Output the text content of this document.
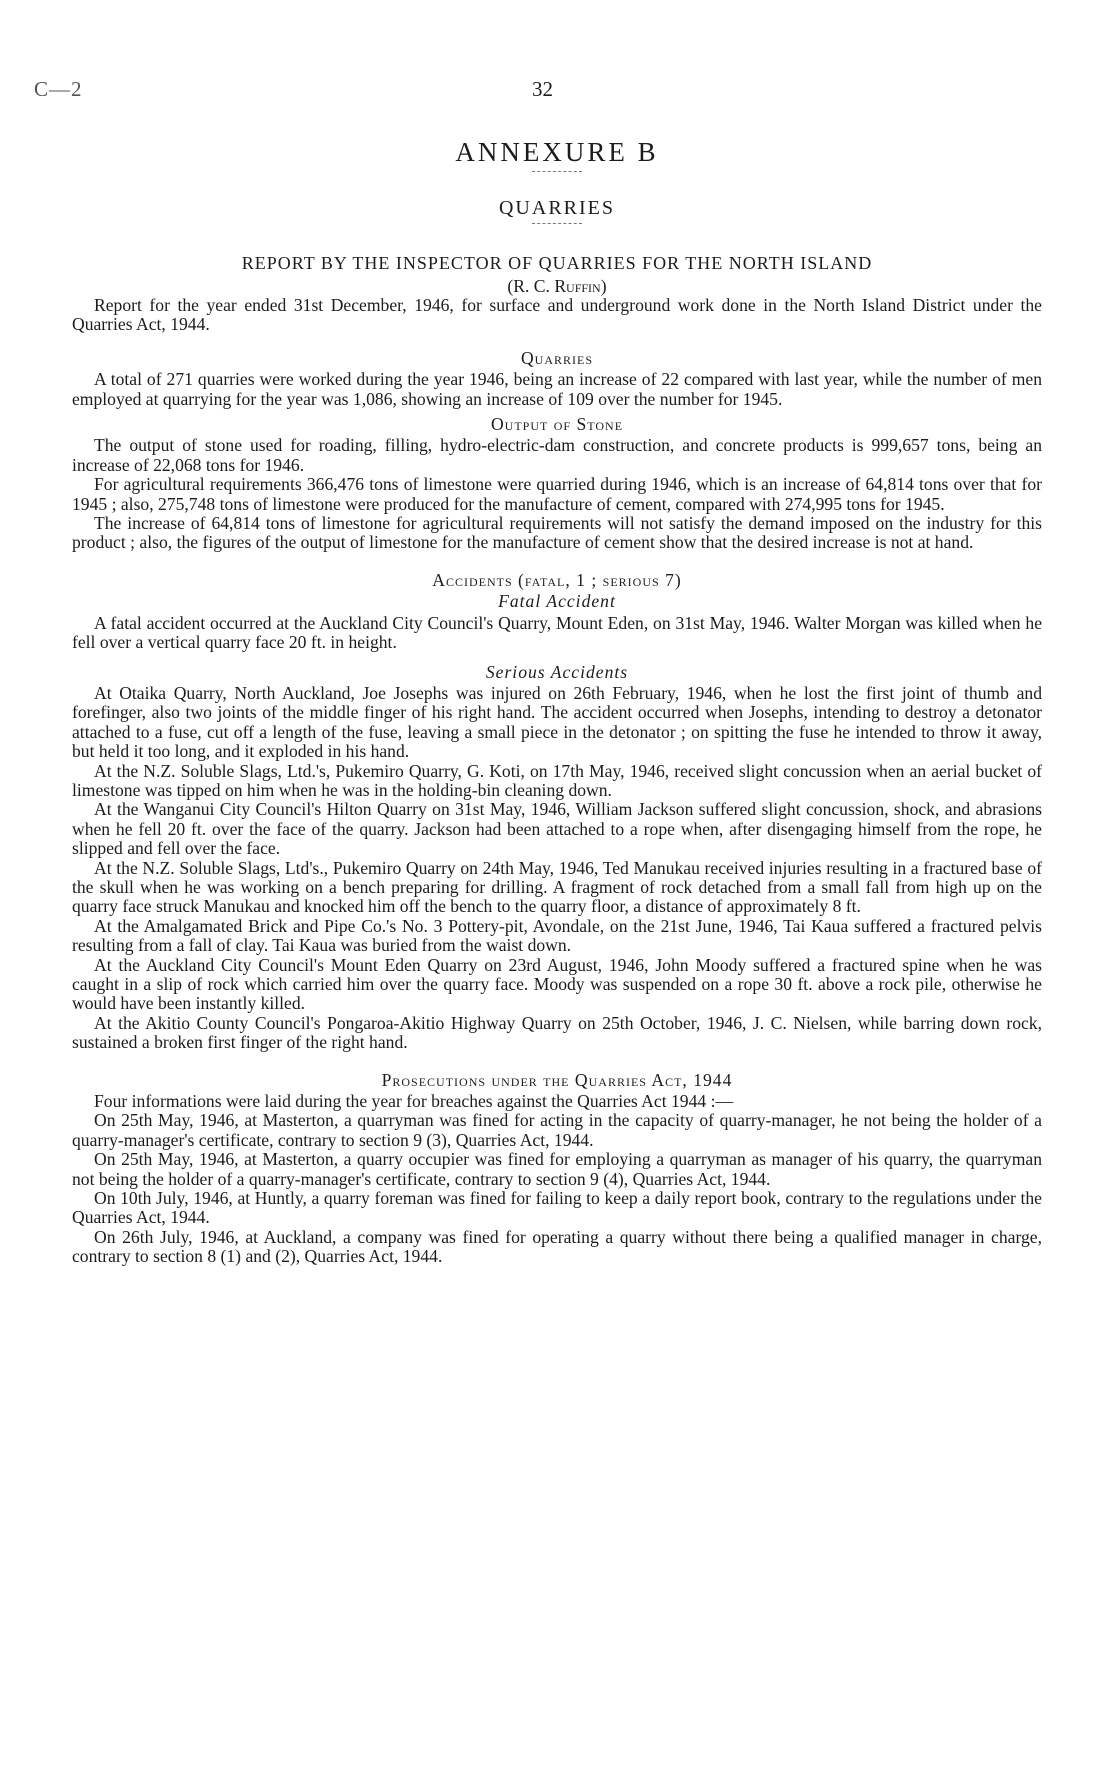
C—2	32
ANNEXURE B
QUARRIES
REPORT BY THE INSPECTOR OF QUARRIES FOR THE NORTH ISLAND
(R. C. Ruffin)

Report for the year ended 31st December, 1946, for surface and underground work done in the North Island District under the Quarries Act, 1944.

Quarries

A total of 271 quarries were worked during the year 1946, being an increase of 22 compared with last year, while the number of men employed at quarrying for the year was 1,086, showing an increase of 109 over the number for 1945.

Output of Stone

The output of stone used for roading, filling, hydro-electric-dam construction, and concrete products is 999,657 tons, being an increase of 22,068 tons for 1946.

For agricultural requirements 366,476 tons of limestone were quarried during 1946, which is an increase of 64,814 tons over that for 1945 ; also, 275,748 tons of limestone were produced for the manufacture of cement, compared with 274,995 tons for 1945.

The increase of 64,814 tons of limestone for agricultural requirements will not satisfy the demand imposed on the industry for this product ; also, the figures of the output of limestone for the manufacture of cement show that the desired increase is not at hand.

Accidents (fatal, 1 ; serious 7)
Fatal Accident

A fatal accident occurred at the Auckland City Council's Quarry, Mount Eden, on 31st May, 1946. Walter Morgan was killed when he fell over a vertical quarry face 20 ft. in height.

Serious Accidents

At Otaika Quarry, North Auckland, Joe Josephs was injured on 26th February, 1946, when he lost the first joint of thumb and forefinger, also two joints of the middle finger of his right hand. The accident occurred when Josephs, intending to destroy a detonator attached to a fuse, cut off a length of the fuse, leaving a small piece in the detonator ; on spitting the fuse he intended to throw it away, but held it too long, and it exploded in his hand.

At the N.Z. Soluble Slags, Ltd.'s, Pukemiro Quarry, G. Koti, on 17th May, 1946, received slight concussion when an aerial bucket of limestone was tipped on him when he was in the holding-bin cleaning down.

At the Wanganui City Council's Hilton Quarry on 31st May, 1946, William Jackson suffered slight concussion, shock, and abrasions when he fell 20 ft. over the face of the quarry. Jackson had been attached to a rope when, after disengaging himself from the rope, he slipped and fell over the face.

At the N.Z. Soluble Slags, Ltd's., Pukemiro Quarry on 24th May, 1946, Ted Manukau received injuries resulting in a fractured base of the skull when he was working on a bench preparing for drilling. A fragment of rock detached from a small fall from high up on the quarry face struck Manukau and knocked him off the bench to the quarry floor, a distance of approximately 8 ft.

At the Amalgamated Brick and Pipe Co.'s No. 3 Pottery-pit, Avondale, on the 21st June, 1946, Tai Kaua suffered a fractured pelvis resulting from a fall of clay. Tai Kaua was buried from the waist down.

At the Auckland City Council's Mount Eden Quarry on 23rd August, 1946, John Moody suffered a fractured spine when he was caught in a slip of rock which carried him over the quarry face. Moody was suspended on a rope 30 ft. above a rock pile, otherwise he would have been instantly killed.

At the Akitio County Council's Pongaroa-Akitio Highway Quarry on 25th October, 1946, J. C. Nielsen, while barring down rock, sustained a broken first finger of the right hand.

Prosecutions under the Quarries Act, 1944

Four informations were laid during the year for breaches against the Quarries Act 1944 :—

On 25th May, 1946, at Masterton, a quarryman was fined for acting in the capacity of quarry-manager, he not being the holder of a quarry-manager's certificate, contrary to section 9 (3), Quarries Act, 1944.

On 25th May, 1946, at Masterton, a quarry occupier was fined for employing a quarryman as manager of his quarry, the quarryman not being the holder of a quarry-manager's certificate, contrary to section 9 (4), Quarries Act, 1944.

On 10th July, 1946, at Huntly, a quarry foreman was fined for failing to keep a daily report book, contrary to the regulations under the Quarries Act, 1944.

On 26th July, 1946, at Auckland, a company was fined for operating a quarry without there being a qualified manager in charge, contrary to section 8 (1) and (2), Quarries Act, 1944.
